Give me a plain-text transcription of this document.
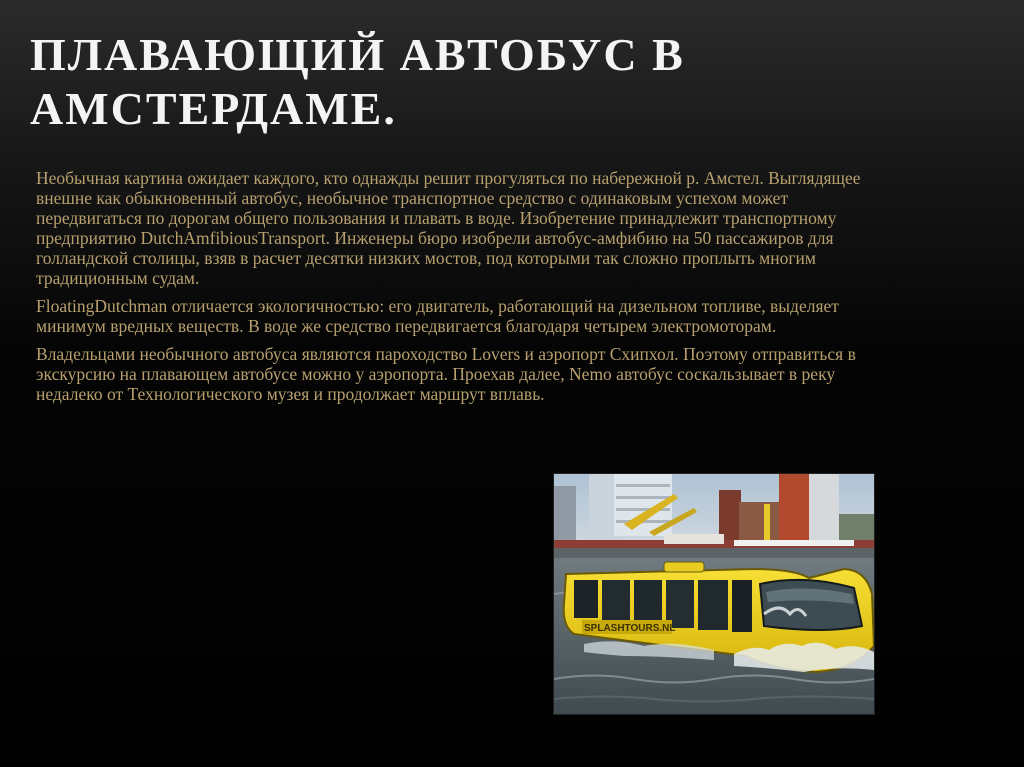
ПЛАВАЮЩИЙ АВТОБУС В
АМСТЕРДАМЕ.

Необычная картина ожидает каждого, кто однажды решит прогуляться по набережной р. Амстел. Выглядящее внешне как обыкновенный автобус, необычное транспортное средство с одинаковым успехом может передвигаться по дорогам общего пользования и плавать в воде. Изобретение принадлежит транспортному предприятию DutchAmfibiousTransport. Инженеры бюро изобрели автобус-амфибию на 50 пассажиров для голландской столицы, взяв в расчет десятки низких мостов, под которыми так сложно проплыть многим традиционным судам.

FloatingDutchman отличается экологичностью: его двигатель, работающий на дизельном топливе, выделяет минимум вредных веществ. В воде же средство передвигается благодаря четырем электромоторам.

Владельцами необычного автобуса являются пароходство Lovers и аэропорт Схипхол. Поэтому отправиться в экскурсию на плавающем автобусе можно у аэропорта. Проехав далее, Nemo автобус соскальзывает в реку недалеко от Технологического музея и продолжает маршрут вплавь.

SPLASHTOURS.NL
